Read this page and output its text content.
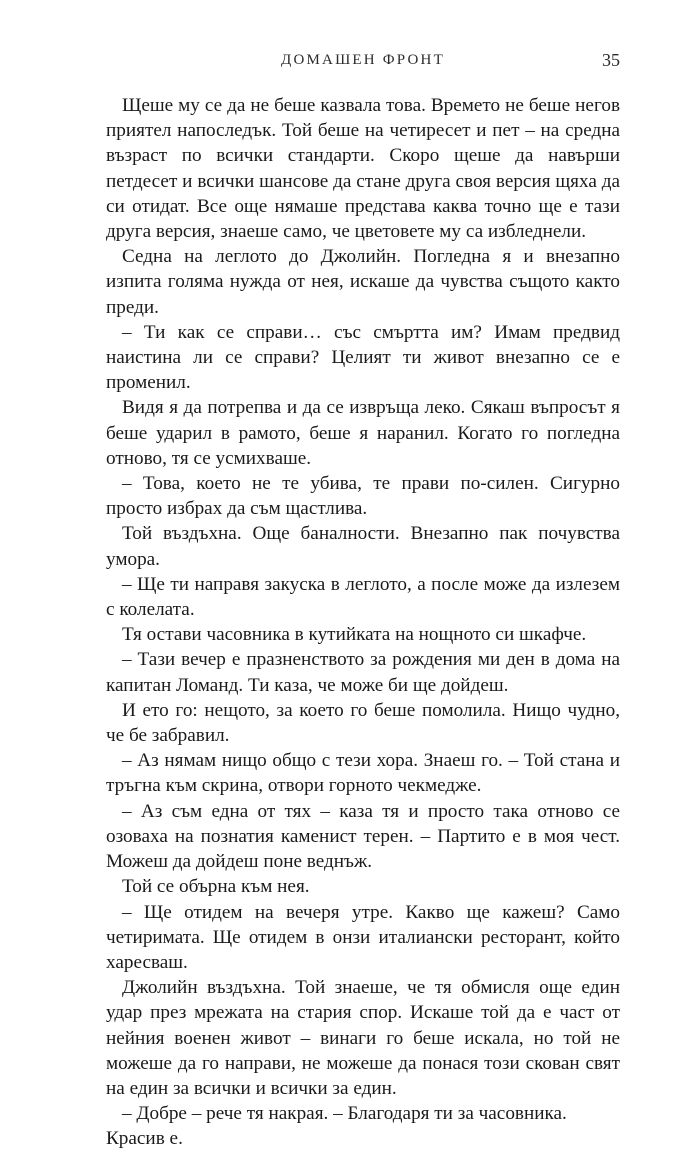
ДОМАШЕН ФРОНТ	35

Щеше му се да не беше казвала това. Времето не беше негов приятел напоследък. Той беше на четиресет и пет – на средна възраст по всички стандарти. Скоро щеше да навърши петдесет и всички шансове да стане друга своя версия щяха да си отидат. Все още нямаше представа каква точно ще е тази друга версия, знаеше само, че цветовете му са избледнели.

Седна на леглото до Джолийн. Погледна я и внезапно изпита голяма нужда от нея, искаше да чувства същото както преди.

– Ти как се справи… със смъртта им? Имам предвид наистина ли се справи? Целият ти живот внезапно се е променил.

Видя я да потрепва и да се извръща леко. Сякаш въпросът я беше ударил в рамото, беше я наранил. Когато го погледна отново, тя се усмихваше.

– Това, което не те убива, те прави по-силен. Сигурно просто избрах да съм щастлива.

Той въздъхна. Още баналности. Внезапно пак почувства умора.

– Ще ти направя закуска в леглото, а после може да излезем с колелата.

Тя остави часовника в кутийката на нощното си шкафче.

– Тази вечер е празненството за рождения ми ден в дома на капитан Ломанд. Ти каза, че може би ще дойдеш.

И ето го: нещото, за което го беше помолила. Нищо чудно, че бе забравил.

– Аз нямам нищо общо с тези хора. Знаеш го. – Той стана и тръгна към скрина, отвори горното чекмедже.

– Аз съм една от тях – каза тя и просто така отново се озоваха на познатия каменист терен. – Партито е в моя чест. Можеш да дойдеш поне веднъж.

Той се обърна към нея.

– Ще отидем на вечеря утре. Какво ще кажеш? Само четиримата. Ще отидем в онзи италиански ресторант, който харесваш.

Джолийн въздъхна. Той знаеше, че тя обмисля още един удар през мрежата на стария спор. Искаше той да е част от нейния военен живот – винаги го беше искала, но той не можеше да го направи, не можеше да понася този скован свят на един за всички и всички за един.

– Добре – рече тя накрая. – Благодаря ти за часовника. Красив е.
